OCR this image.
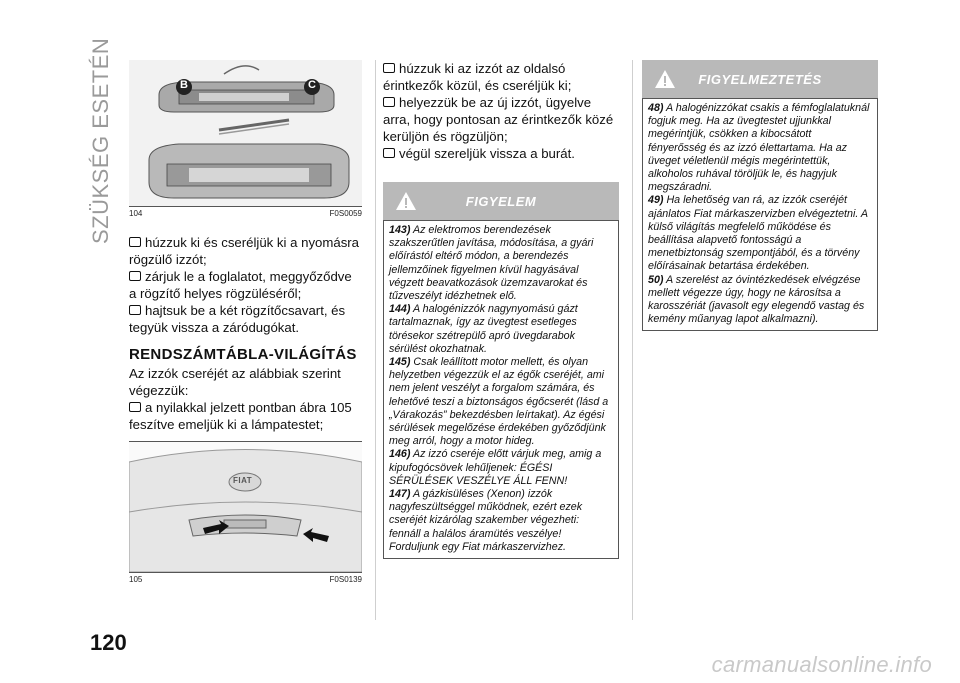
SZÜKSÉG ESETÉN	B	C
104	F0S0059

húzzuk ki és cseréljük ki a nyomásra rögzülő izzót;

zárjuk le a foglalatot, meggyőződve a rögzítő helyes rögzüléséről;

hajtsuk be a két rögzítőcsavart, és tegyük vissza a záródugókat.

RENDSZÁMTÁBLA-VILÁGÍTÁS

Az izzók cseréjét az alábbiak szerint végezzük:

a nyilakkal jelzett pontban ábra 105 feszítve emeljük ki a lámpatestet;

FIAT
105	F0S0139

húzzuk ki az izzót az oldalsó érintkezők közül, és cseréljük ki;

helyezzük be az új izzót, ügyelve arra, hogy pontosan az érintkezők közé kerüljön és rögzüljön;

végül szereljük vissza a burát.

FIGYELEM

143) Az elektromos berendezések szakszerűtlen javítása, módosítása, a gyári előírástól eltérő módon, a berendezés jellemzőinek figyelmen kívül hagyásával végzett beavatkozások üzemzavarokat és tűzveszélyt idézhetnek elő.

144) A halogénizzók nagynyomású gázt tartalmaznak, így az üvegtest esetleges törésekor szétrepülő apró üvegdarabok sérülést okozhatnak.

145) Csak leállított motor mellett, és olyan helyzetben végezzük el az égők cseréjét, ami nem jelent veszélyt a forgalom számára, és lehetővé teszi a biztonságos égőcserét (lásd a „Várakozás” bekezdésben leírtakat). Az égési sérülések megelőzése érdekében győződjünk meg arról, hogy a motor hideg.

146) Az izzó cseréje előtt várjuk meg, amig a kipufogócsövek lehűljenek: ÉGÉSI SÉRÜLÉSEK VESZÉLYE ÁLL FENN!

147) A gázkisüléses (Xenon) izzók nagyfeszültséggel működnek, ezért ezek cseréjét kizárólag szakember végezheti: fennáll a halálos áramütés veszélye! Forduljunk egy Fiat márkaszervizhez.

FIGYELMEZTETÉS

48) A halogénizzókat csakis a fémfoglalatuknál fogjuk meg. Ha az üvegtestet ujjunkkal megérintjük, csökken a kibocsátott fényerősség és az izzó élettartama. Ha az üveget véletlenül mégis megérintettük, alkoholos ruhával töröljük le, és hagyjuk megszáradni.

49) Ha lehetőség van rá, az izzók cseréjét ajánlatos Fiat márkaszervizben elvégeztetni. A külső világítás megfelelő működése és beállítása alapvető fontosságú a menetbiztonság szempontjából, és a törvény előírásainak betartása érdekében.

50) A szerelést az óvintézkedések elvégzése mellett végezze úgy, hogy ne károsítsa a karosszériát (javasolt egy elegendő vastag és kemény műanyag lapot alkalmazni).

120
carmanualsonline.info
